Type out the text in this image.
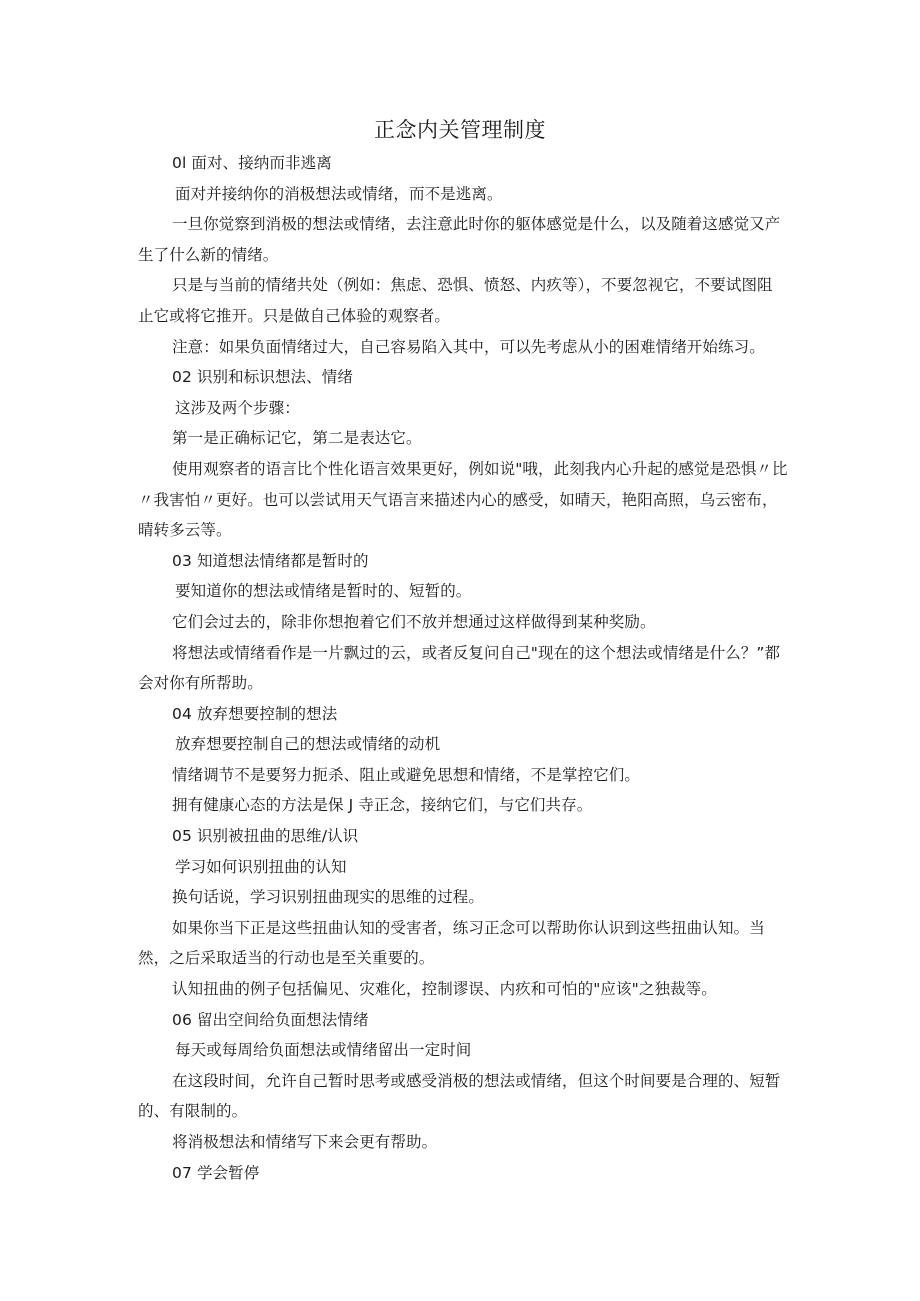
正念内关管理制度

0l 面对、接纳而非逃离

面对并接纳你的消极想法或情绪，而不是逃离。

一旦你觉察到消极的想法或情绪，去注意此时你的躯体感觉是什么，以及随着这感觉又产生了什么新的情绪。

只是与当前的情绪共处（例如：焦虑、恐惧、愤怒、内疚等），不要忽视它，不要试图阻止它或将它推开。只是做自己体验的观察者。

注意：如果负面情绪过大，自己容易陷入其中，可以先考虑从小的困难情绪开始练习。

02 识别和标识想法、情绪

这涉及两个步骤：

第一是正确标记它，第二是表达它。

使用观察者的语言比个性化语言效果更好，例如说"哦，此刻我内心升起的感觉是恐惧〃比〃我害怕〃更好。也可以尝试用天气语言来描述内心的感受，如晴天，艳阳高照，乌云密布，晴转多云等。

03 知道想法情绪都是暂时的

要知道你的想法或情绪是暂时的、短暂的。

它们会过去的，除非你想抱着它们不放并想通过这样做得到某种奖励。

将想法或情绪看作是一片飘过的云，或者反复问自己"现在的这个想法或情绪是什么？”都会对你有所帮助。

04 放弃想要控制的想法

放弃想要控制自己的想法或情绪的动机

情绪调节不是要努力扼杀、阻止或避免思想和情绪，不是掌控它们。

拥有健康心态的方法是保 J 寺正念，接纳它们，与它们共存。

05 识别被扭曲的思维/认识

学习如何识别扭曲的认知

换句话说，学习识别扭曲现实的思维的过程。

如果你当下正是这些扭曲认知的受害者，练习正念可以帮助你认识到这些扭曲认知。当然，之后采取适当的行动也是至关重要的。

认知扭曲的例子包括偏见、灾难化，控制谬误、内疚和可怕的"应该"之独裁等。

06 留出空间给负面想法情绪

每天或每周给负面想法或情绪留出一定时间

在这段时间，允许自己暂时思考或感受消极的想法或情绪，但这个时间要是合理的、短暂的、有限制的。

将消极想法和情绪写下来会更有帮助。

07 学会暂停
